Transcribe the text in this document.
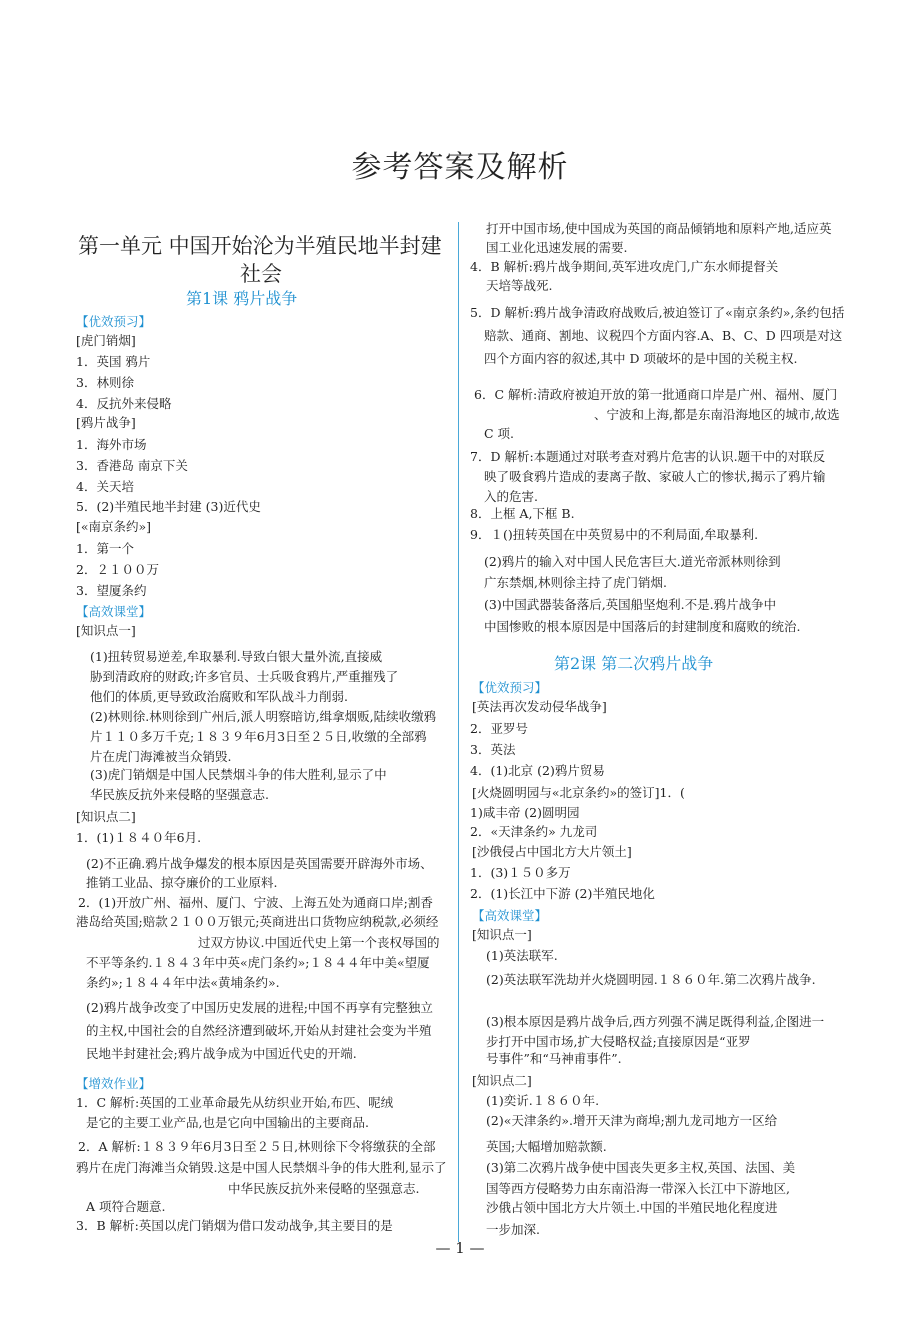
参考答案及解析
第一单元 中国开始沦为半殖民地半封建
社会
第1课 鸦片战争
【优效预习】
[虎门销烟]
1．英国 鸦片
3．林则徐
4．反抗外来侵略
[鸦片战争]
1．海外市场
3．香港岛 南京下关
4．关天培
5．(2)半殖民地半封建 (3)近代史
[«南京条约»]
1．第一个
2．２１００万
3．望厦条约
【高效课堂】
[知识点一]
(1)扭转贸易逆差,牟取暴利.导致白银大量外流,直接威
胁到清政府的财政;许多官员、士兵吸食鸦片,严重摧残了
他们的体质,更导致政治腐败和军队战斗力削弱.
(2)林则徐.林则徐到广州后,派人明察暗访,缉拿烟贩,陆续收缴鸦
片１１０多万千克;１８３９年6月3日至２５日,收缴的全部鸦
片在虎门海滩被当众销毁.
(3)虎门销烟是中国人民禁烟斗争的伟大胜利,显示了中
华民族反抗外来侵略的坚强意志.
[知识点二]
1．(1)１８４０年6月.
(2)不正确.鸦片战争爆发的根本原因是英国需要开辟海外市场、
推销工业品、掠夺廉价的工业原料.
2．(1)开放广州、福州、厦门、宁波、上海五处为通商口岸;割香
港岛给英国;赔款２１００万银元;英商进出口货物应纳税款,必须经
过双方协议.中国近代史上第一个丧权辱国的
不平等条约.１８４３年中英«虎门条约»;１８４４年中美«望厦
条约»;１８４４年中法«黄埔条约».
(2)鸦片战争改变了中国历史发展的进程;中国不再享有完整独立
的主权,中国社会的自然经济遭到破坏,开始从封建社会变为半殖
民地半封建社会;鸦片战争成为中国近代史的开端.
【增效作业】
1．C 解析:英国的工业革命最先从纺织业开始,布匹、呢绒
是它的主要工业产品,也是它向中国输出的主要商品.
2．A 解析:１８３９年6月3日至２５日,林则徐下令将缴获的全部
鸦片在虎门海滩当众销毁.这是中国人民禁烟斗争的伟大胜利,显示了
中华民族反抗外来侵略的坚强意志.
A 项符合题意.
3．B 解析:英国以虎门销烟为借口发动战争,其主要目的是
打开中国市场,使中国成为英国的商品倾销地和原料产地,适应英
国工业化迅速发展的需要.
4．B 解析:鸦片战争期间,英军进攻虎门,广东水师提督关
天培等战死.
5．D 解析:鸦片战争清政府战败后,被迫签订了«南京条约»,条约包括
赔款、通商、割地、议税四个方面内容.A、B、C、D 四项是对这
四个方面内容的叙述,其中 D 项破坏的是中国的关税主权.
6．C 解析:清政府被迫开放的第一批通商口岸是广州、福州、厦门
、宁波和上海,都是东南沿海地区的城市,故选
C 项.
7．D 解析:本题通过对联考查对鸦片危害的认识.题干中的对联反
映了吸食鸦片造成的妻离子散、家破人亡的惨状,揭示了鸦片输
入的危害.
8．上框 A,下框 B.
9．１()扭转英国在中英贸易中的不利局面,牟取暴利.
(2)鸦片的输入对中国人民危害巨大.道光帝派林则徐到
广东禁烟,林则徐主持了虎门销烟.
(3)中国武器装备落后,英国船坚炮利.不是.鸦片战争中
中国惨败的根本原因是中国落后的封建制度和腐败的统治.
第2课 第二次鸦片战争
【优效预习】
[英法再次发动侵华战争]
2．亚罗号
3．英法
4．(1)北京 (2)鸦片贸易
[火烧圆明园与«北京条约»的签订]1．(
1)咸丰帝 (2)圆明园
2．«天津条约» 九龙司
[沙俄侵占中国北方大片领土]
1．(3)１５０多万
2．(1)长江中下游 (2)半殖民地化
【高效课堂】
[知识点一]
(1)英法联军.
(2)英法联军洗劫并火烧圆明园.１８６０年.第二次鸦片战争.
(3)根本原因是鸦片战争后,西方列强不满足既得利益,企图进一
步打开中国市场,扩大侵略权益;直接原因是“亚罗
号事件”和“马神甫事件”.
[知识点二]
(1)奕䜣.１８６０年.
(2)«天津条约».增开天津为商埠;割九龙司地方一区给
英国;大幅增加赔款额.
(3)第二次鸦片战争使中国丧失更多主权,英国、法国、美
国等西方侵略势力由东南沿海一带深入长江中下游地区,
沙俄占领中国北方大片领土.中国的半殖民地化程度进
一步加深.
— 1 —
